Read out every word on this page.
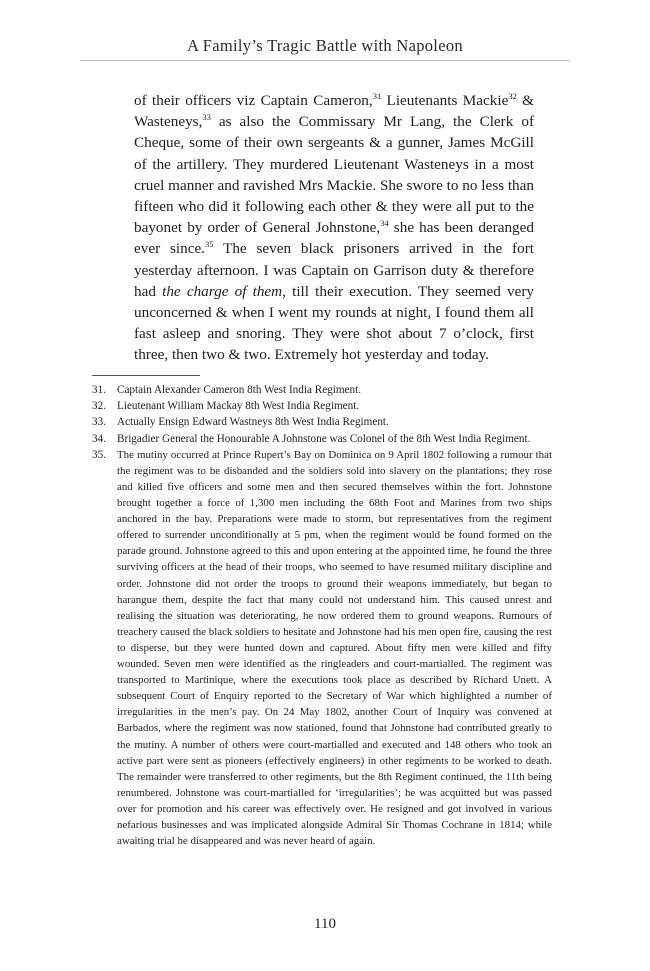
A Family’s Tragic Battle with Napoleon
of their officers viz Captain Cameron,$^{31}$ Lieutenants Mackie$^{32}$ & Wasteneys,$^{33}$ as also the Commissary Mr Lang, the Clerk of Cheque, some of their own sergeants & a gunner, James McGill of the artillery. They murdered Lieutenant Wasteneys in a most cruel manner and ravished Mrs Mackie. She swore to no less than fifteen who did it following each other & they were all put to the bayonet by order of General Johnstone,$^{34}$ she has been deranged ever since.$^{35}$ The seven black prisoners arrived in the fort yesterday afternoon. I was Captain on Garrison duty & therefore had the charge of them, till their execution. They seemed very unconcerned & when I went my rounds at night, I found them all fast asleep and snoring. They were shot about 7 o’clock, first three, then two & two. Extremely hot yesterday and today.
31. Captain Alexander Cameron 8th West India Regiment.
32. Lieutenant William Mackay 8th West India Regiment.
33. Actually Ensign Edward Wastneys 8th West India Regiment.
34. Brigadier General the Honourable A Johnstone was Colonel of the 8th West India Regiment.
35.	The mutiny occurred at Prince Rupert’s Bay on Dominica on 9 April 1802 following a rumour that the regiment was to be disbanded and the soldiers sold into slavery on the plantations; they rose and killed five officers and some men and then secured themselves within the fort. Johnstone brought together a force of 1,300 men including the 68th Foot and Marines from two ships anchored in the bay. Preparations were made to storm, but representatives from the regiment offered to surrender unconditionally at 5 pm, when the regiment would be found formed on the parade ground. Johnstone agreed to this and upon entering at the appointed time, he found the three surviving officers at the head of their troops, who seemed to have resumed military discipline and order. Johnstone did not order the troops to ground their weapons immediately, but began to harangue them, despite the fact that many could not understand him. This caused unrest and realising the situation was deteriorating, he now ordered them to ground weapons. Rumours of treachery caused the black soldiers to hesitate and Johnstone had his men open fire, causing the rest to disperse, but they were hunted down and captured. About fifty men were killed and fifty wounded. Seven men were identified as the ringleaders and court-martialled. The regiment was transported to Martinique, where the executions took place as described by Richard Unett. A subsequent Court of Enquiry reported to the Secretary of War which highlighted a number of irregularities in the men’s pay. On 24 May 1802, another Court of Inquiry was convened at Barbados, where the regiment was now stationed, found that Johnstone had contributed greatly to the mutiny. A number of others were court-martialled and executed and 148 others who took an active part were sent as pioneers (effectively engineers) in other regiments to be worked to death. The remainder were transferred to other regiments, but the 8th Regiment continued, the 11th being renumbered. Johnstone was court-martialled for ‘irregularities’; he was acquitted but was passed over for promotion and his career was effectively over. He resigned and got involved in various nefarious businesses and was implicated alongside Admiral Sir Thomas Cochrane in 1814; while awaiting trial he disappeared and was never heard of again.
110
